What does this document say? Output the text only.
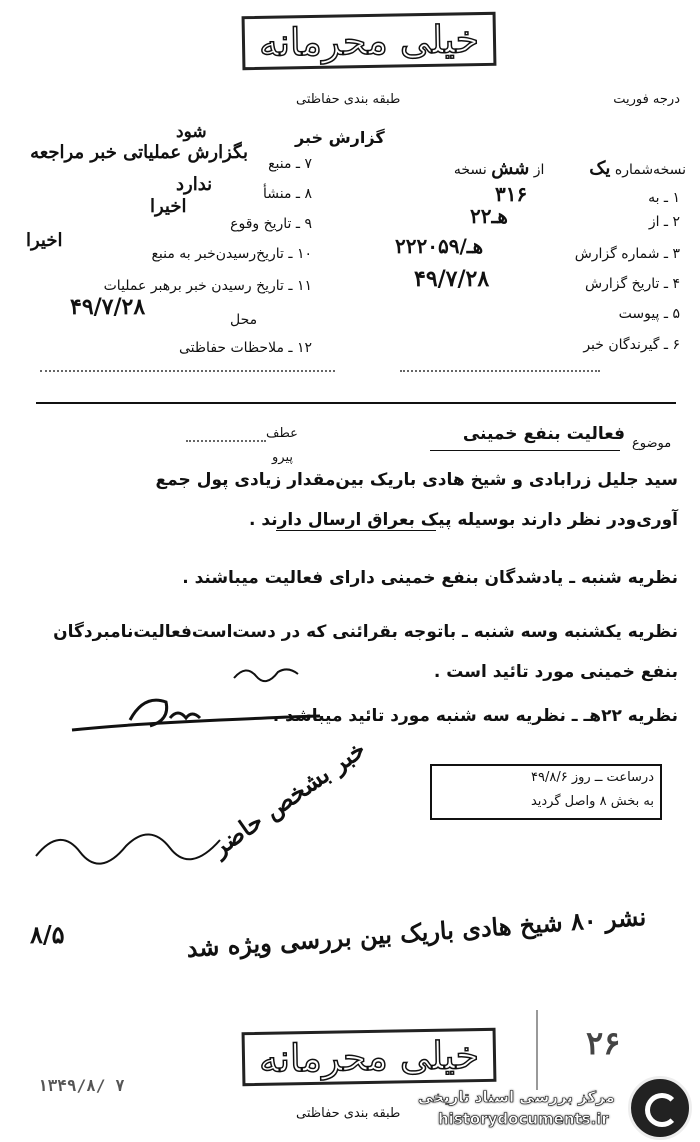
خیلی محرمانه
طبقه بندی حفاظتی	درجه فوریت
گزارش خبر
شود
بگزارش عملیاتی خبر مراجعه
نسخه‌شماره یک  از شش نسخه
۱ ـ به
۳۱۶
۲ ـ از
۲۲هـ
۳ ـ شماره گزارش
۲۲هـ/۲۰۵۹
۴ ـ تاریخ گزارش
۴۹/۷/۲۸
۵ ـ پیوست
۶ ـ گیرندگان خبر
۷ ـ منبع
۸ ـ منشأ
ندارد
۹ ـ تاریخ وقوع
اخیرا
۱۰ ـ تاریخ‌رسیدن‌خبر به منبع
اخیرا
۱۱ ـ تاریخ رسیدن خبر برهبر عملیات
۴۹/۷/۲۸	محل
۱۲ ـ ملاحظات حفاظتی
عطف
پیرو
موضوع
فعالیت بنفع خمینی
سید جلیل زرابادی و شیخ هادی باریک بین‌مقدار زیادی پول جمع
آوری‌ودر نظر دارند بوسیله پیک بعراق ارسال دارند .
نظریه شنبه ـ یادشدگان بنفع خمینی دارای فعالیت میباشند .
نظریه یکشنبه وسه شنبه ـ باتوجه بقرائنی که در دست‌است‌فعالیت‌نامبردگان
بنفع خمینی مورد تائید است .
نظریه ۲۲هـ ـ نظریه سه شنبه مورد تائید میباشد .
درساعت ــ روز ۴۹/۸/۶
به بخش ۸ واصل گردید
خبر بشخص حاضر
نشر ۸۰ شیخ هادی باریک بین بررسی ویژه شد
۸/۵
۲۶
خیلی محرمانه
طبقه بندی حفاظتی
۱۳۴۹/۸/ ۷
مرکز بررسی اسناد تاریخی
historydocuments.ir
